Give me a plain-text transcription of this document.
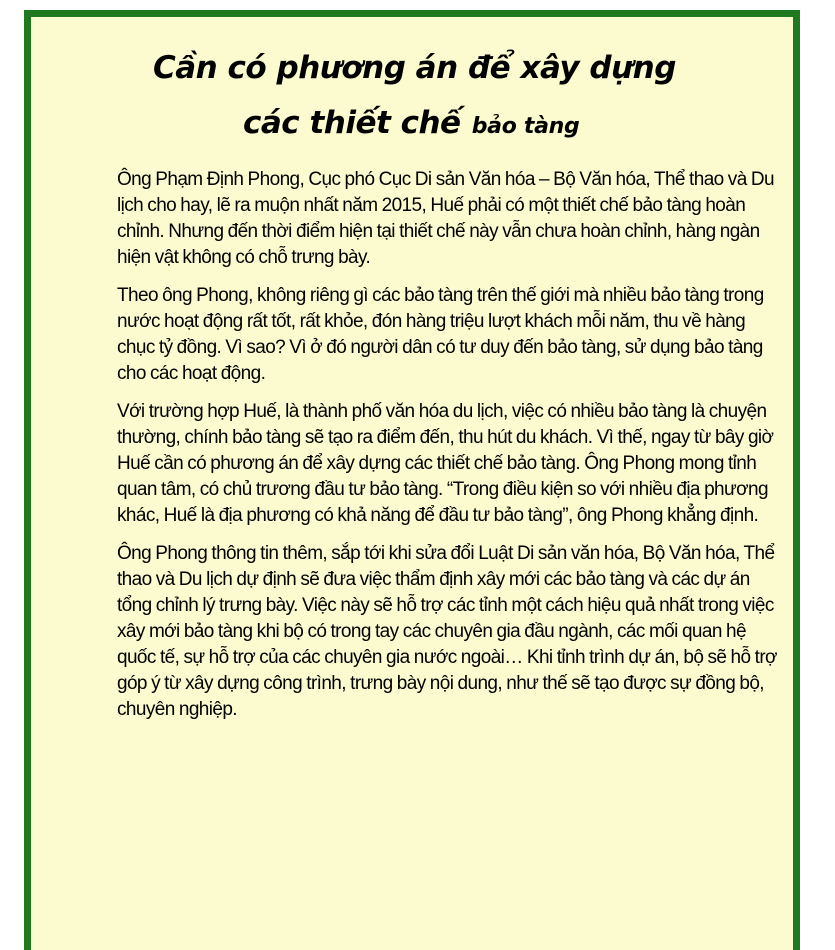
Cần có phương án để xây dựng
các thiết chế bảo tàng

Ông Phạm Định Phong, Cục phó Cục Di sản Văn hóa – Bộ Văn hóa, Thể thao và Du lịch cho hay, lẽ ra muộn nhất năm 2015, Huế phải có một thiết chế bảo tàng hoàn chỉnh. Nhưng đến thời điểm hiện tại thiết chế này vẫn chưa hoàn chỉnh, hàng ngàn hiện vật không có chỗ trưng bày.

Theo ông Phong, không riêng gì các bảo tàng trên thế giới mà nhiều bảo tàng trong nước hoạt động rất tốt, rất khỏe, đón hàng triệu lượt khách mỗi năm, thu về hàng chục tỷ đồng. Vì sao? Vì ở đó người dân có tư duy đến bảo tàng, sử dụng bảo tàng cho các hoạt động.

Với trường hợp Huế, là thành phố văn hóa du lịch, việc có nhiều bảo tàng là chuyện thường, chính bảo tàng sẽ tạo ra điểm đến, thu hút du khách. Vì thế, ngay từ bây giờ Huế cần có phương án để xây dựng các thiết chế bảo tàng. Ông Phong mong tỉnh quan tâm, có chủ trương đầu tư bảo tàng. “Trong điều kiện so với nhiều địa phương khác, Huế là địa phương có khả năng để đầu tư bảo tàng”, ông Phong khẳng định.

Ông Phong thông tin thêm, sắp tới khi sửa đổi Luật Di sản văn hóa, Bộ Văn hóa, Thể thao và Du lịch dự định sẽ đưa việc thẩm định xây mới các bảo tàng và các dự án tổng chỉnh lý trưng bày. Việc này sẽ hỗ trợ các tỉnh một cách hiệu quả nhất trong việc xây mới bảo tàng khi bộ có trong tay các chuyên gia đầu ngành, các mối quan hệ quốc tế, sự hỗ trợ của các chuyên gia nước ngoài… Khi tỉnh trình dự án, bộ sẽ hỗ trợ góp ý từ xây dựng công trình, trưng bày nội dung, như thế sẽ tạo được sự đồng bộ, chuyên nghiệp.
